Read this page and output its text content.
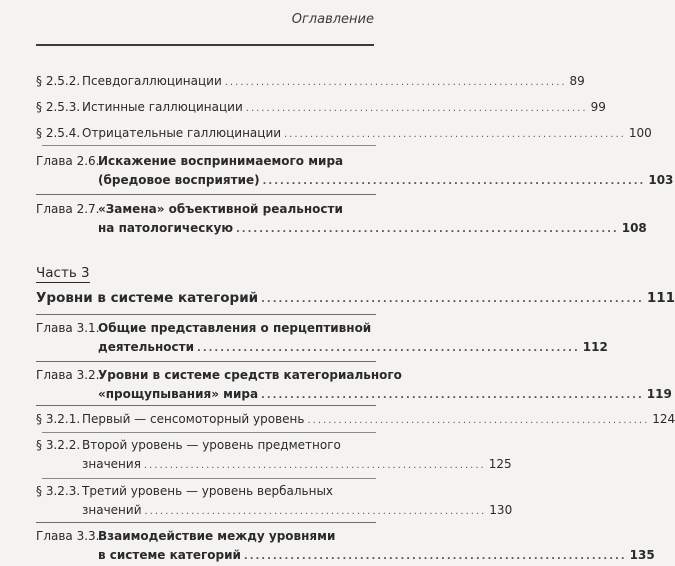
Оглавление
§ 2.5.2. Псевдогаллюцинации .................................................................. 89
§ 2.5.3. Истинные галлюцинации .................................................................. 99
§ 2.5.4. Отрицательные галлюцинации .................................................................. 100
Глава 2.6.
Искажение воспринимаемого мира
(бредовое восприятие) .................................................................. 103
Глава 2.7.
«Замена» объективной реальности
на патологическую .................................................................. 108
Часть 3
Уровни в системе категорий .................................................................. 111
Глава 3.1.
Общие представления о перцептивной
деятельности .................................................................. 112
Глава 3.2.
Уровни в системе средств категориального
«прощупывания» мира .................................................................. 119
§ 3.2.1. Первый — сенсомоторный уровень .................................................................. 124
§ 3.2.2. Второй уровень — уровень предметного
значения .................................................................. 125
§ 3.2.3. Третий уровень — уровень вербальных
значений .................................................................. 130
Глава 3.3.
Взаимодействие между уровнями
в системе категорий .................................................................. 135
